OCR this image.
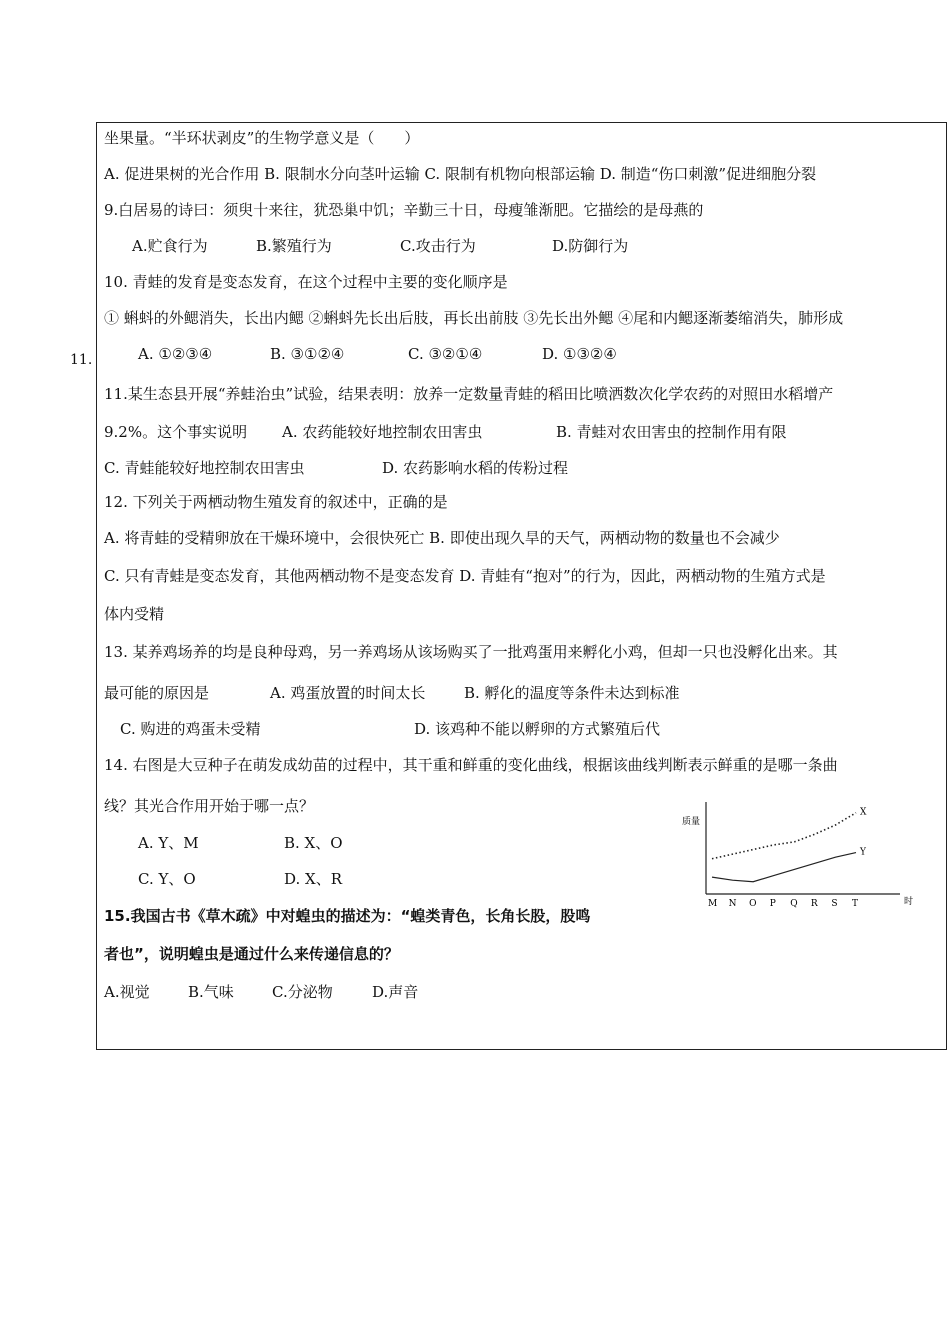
坐果量。“半环状剥皮”的生物学意义是（　　）
A. 促进果树的光合作用 B. 限制水分向茎叶运输 C. 限制有机物向根部运输 D. 制造“伤口刺激”促进细胞分裂
9.白居易的诗曰：须臾十来往，犹恐巢中饥；辛勤三十日，母瘦雏渐肥。它描绘的是母燕的
A.贮食行为	B.繁殖行为	C.攻击行为	D.防御行为
10. 青蛙的发育是变态发育，在这个过程中主要的变化顺序是
① 蝌蚪的外鳃消失，长出内鳃 ②蝌蚪先长出后肢，再长出前肢 ③先长出外鳃 ④尾和内鳃逐渐萎缩消失，肺形成
A. ①②③④	B. ③①②④	C. ③②①④	D. ①③②④
11.
11.某生态县开展“养蛙治虫”试验，结果表明：放养一定数量青蛙的稻田比喷洒数次化学农药的对照田水稻增产
9.2%。这个事实说明 A. 农药能较好地控制农田害虫	B. 青蛙对农田害虫的控制作用有限
C. 青蛙能较好地控制农田害虫	D. 农药影响水稻的传粉过程
12. 下列关于两栖动物生殖发育的叙述中，正确的是
A. 将青蛙的受精卵放在干燥环境中，会很快死亡 B. 即使出现久旱的天气，两栖动物的数量也不会减少
C. 只有青蛙是变态发育，其他两栖动物不是变态发育 D. 青蛙有“抱对”的行为，因此，两栖动物的生殖方式是
体内受精
13. 某养鸡场养的均是良种母鸡，另一养鸡场从该场购买了一批鸡蛋用来孵化小鸡，但却一只也没孵化出来。其
最可能的原因是	A. 鸡蛋放置的时间太长	B. 孵化的温度等条件未达到标准
C. 购进的鸡蛋未受精	D. 该鸡种不能以孵卵的方式繁殖后代
14. 右图是大豆种子在萌发成幼苗的过程中，其干重和鲜重的变化曲线，根据该曲线判断表示鲜重的是哪一条曲
线？其光合作用开始于哪一点？
A. Y、M	B. X、O
C. Y、O	D. X、R
15.我国古书《草木疏》中对蝗虫的描述为：“蝗类青色，长角长股，股鸣
者也”，说明蝗虫是通过什么来传递信息的？
A.视觉	B.气味	C.分泌物	D.声音
质量
时
X
Y
M N O P Q R S T
